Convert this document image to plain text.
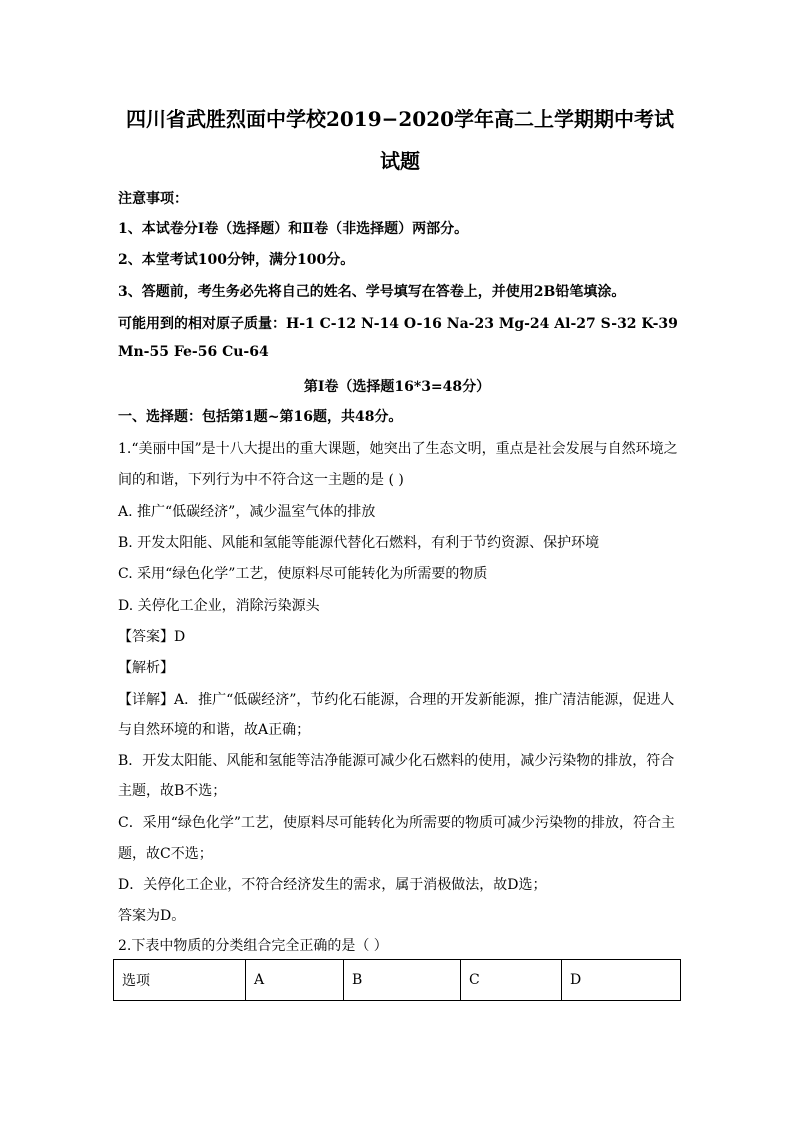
四川省武胜烈面中学校2019−2020学年高二上学期期中考试
试题
注意事项：
1、本试卷分Ⅰ卷（选择题）和Ⅱ卷（非选择题）两部分。
2、本堂考试100分钟，满分100分。
3、答题前，考生务必先将自己的姓名、学号填写在答卷上，并使用2B铅笔填涂。
可能用到的相对原子质量：H-1 C-12 N-14 O-16 Na-23 Mg-24 Al-27 S-32 K-39
Mn-55 Fe-56 Cu-64
第Ⅰ卷（选择题16*3=48分）
一、选择题：包括第1题~第16题，共48分。
1.“美丽中国”是十八大提出的重大课题，她突出了生态文明，重点是社会发展与自然环境之
间的和谐，下列行为中不符合这一主题的是 ( )
A. 推广“低碳经济”，减少温室气体的排放
B. 开发太阳能、风能和氢能等能源代替化石燃料，有利于节约资源、保护环境
C. 采用“绿色化学”工艺，使原料尽可能转化为所需要的物质
D. 关停化工企业，消除污染源头
【答案】D
【解析】
【详解】A．推广“低碳经济”，节约化石能源，合理的开发新能源，推广清洁能源，促进人
与自然环境的和谐，故A正确；
B．开发太阳能、风能和氢能等洁净能源可减少化石燃料的使用，减少污染物的排放，符合
主题，故B不选；
C．采用“绿色化学”工艺，使原料尽可能转化为所需要的物质可减少污染物的排放，符合主
题，故C不选；
D．关停化工企业，不符合经济发生的需求，属于消极做法，故D选；
答案为D。
2.下表中物质的分类组合完全正确的是（ ）
选项	A	B	C	D
